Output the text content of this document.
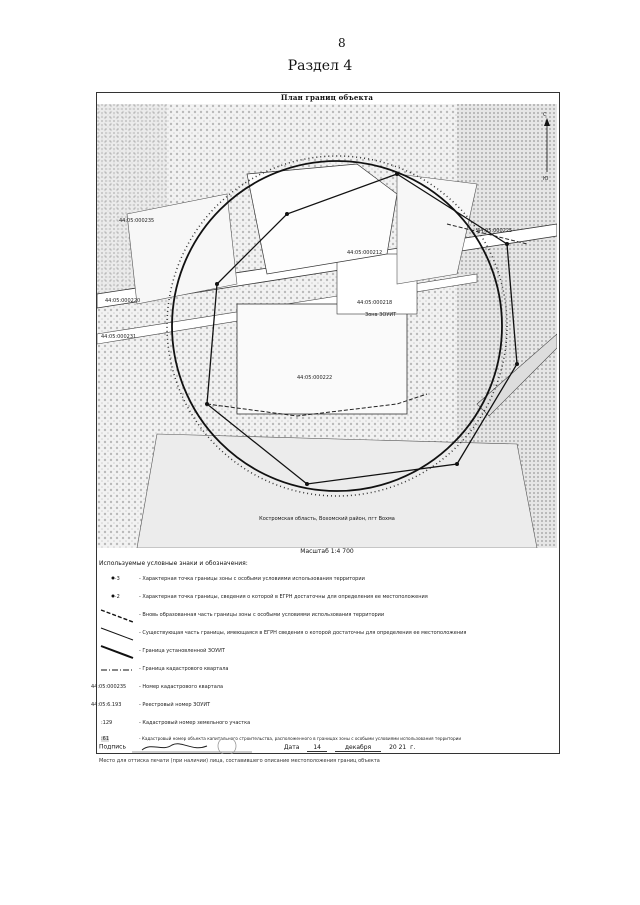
8
Раздел 4
План границ объекта
44:05:000235
44:05:000220
44:05:000231
44:05:000212
44:05:000218
44:05:000222
44:05:000225
Зона ЗОУИТ
С
Ю
Костромская область, Вохомский район, пгт Вохма
Масштаб 1:4 700
Используемые условные знаки и обозначения:
·3	- Характерная точка границы зоны с особыми условиями использования территории
·2	- Характерная точка границы, сведения о которой в ЕГРН достаточны для определения ее местоположения
- Вновь образованная часть границы зоны с особыми условиями использования территории
- Существующая часть границы, имеющаяся в ЕГРН сведения о которой достаточны для определения ее местоположения
- Граница установленной ЗОУИТ
- Граница кадастрового квартала
44:05:000235	- Номер кадастрового квартала
44:05:6.193	- Реестровый номер ЗОУИТ
:129	- Кадастровый номер земельного участка
:61	- Кадастровый номер объекта капитального строительства, расположенного в границах зоны с особыми условиями использования территории
Подпись	Дата 14	декабря	20 21 г.
Место для оттиска печати (при наличии) лица, составившего описание местоположения границ объекта
